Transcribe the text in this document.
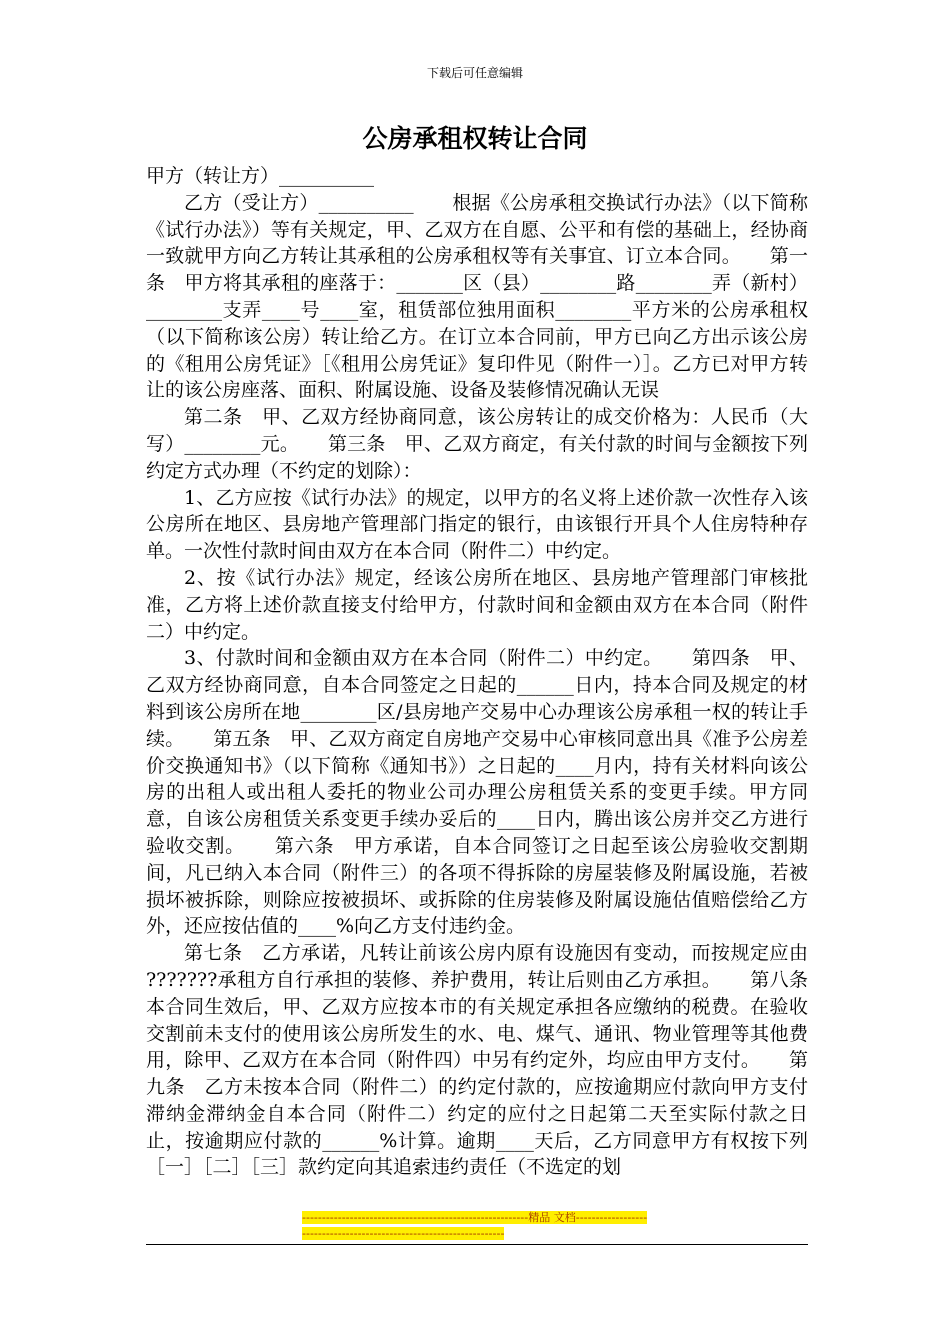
下载后可任意编辑
公房承租权转让合同

甲方（转让方）__________

乙方（受让方）__________　　根据《公房承租交换试行办法》（以下简称《试行办法》）等有关规定，甲、乙双方在自愿、公平和有偿的基础上，经协商一致就甲方向乙方转让其承租的公房承租权等有关事宜、订立本合同。　　第一条　甲方将其承租的座落于：_______区（县）________路________弄（新村）________支弄____号____室，租赁部位独用面积________平方米的公房承租权（以下简称该公房）转让给乙方。在订立本合同前，甲方已向乙方出示该公房的《租用公房凭证》［《租用公房凭证》复印件见（附件一）］。乙方已对甲方转让的该公房座落、面积、附属设施、设备及装修情况确认无误

第二条　甲、乙双方经协商同意，该公房转让的成交价格为：人民币（大写）________元。　　第三条　甲、乙双方商定，有关付款的时间与金额按下列约定方式办理（不约定的划除）：

1、乙方应按《试行办法》的规定，以甲方的名义将上述价款一次性存入该公房所在地区、县房地产管理部门指定的银行，由该银行开具个人住房特种存单。一次性付款时间由双方在本合同（附件二）中约定。

2、按《试行办法》规定，经该公房所在地区、县房地产管理部门审核批准，乙方将上述价款直接支付给甲方，付款时间和金额由双方在本合同（附件二）中约定。

3、付款时间和金额由双方在本合同（附件二）中约定。　　第四条　甲、乙双方经协商同意，自本合同签定之日起的______日内，持本合同及规定的材料到该公房所在地________区/县房地产交易中心办理该公房承租一权的转让手续。　　第五条　甲、乙双方商定自房地产交易中心审核同意出具《准予公房差价交换通知书》（以下简称《通知书》）之日起的____月内，持有关材料向该公房的出租人或出租人委托的物业公司办理公房租赁关系的变更手续。甲方同意，自该公房租赁关系变更手续办妥后的____日内，腾出该公房并交乙方进行验收交割。　　第六条　甲方承诺，自本合同签订之日起至该公房验收交割期间，凡已纳入本合同（附件三）的各项不得拆除的房屋装修及附属设施，若被损坏被拆除，则除应按被损坏、或拆除的住房装修及附属设施估值赔偿给乙方外，还应按估值的____%向乙方支付违约金。

第七条　乙方承诺，凡转让前该公房内原有设施因有变动，而按规定应由 ???????承租方自行承担的装修、养护费用，转让后则由乙方承担。　　第八条　本合同生效后，甲、乙双方应按本市的有关规定承担各应缴纳的税费。在验收交割前未支付的使用该公房所发生的水、电、煤气、通讯、物业管理等其他费用，除甲、乙双方在本合同（附件四）中另有约定外，均应由甲方支付。　　第九条　乙方未按本合同（附件二）的约定付款的，应按逾期应付款向甲方支付滞纳金滞纳金自本合同（附件二）约定的应付之日起第二天至实际付款之日止，按逾期应付款的______%计算。逾期____天后，乙方同意甲方有权按下列［一］［二］［三］款约定向其追索违约责任（不选定的划

---------------------------------------------------------精品 文档---------------------------------------------------------------------
